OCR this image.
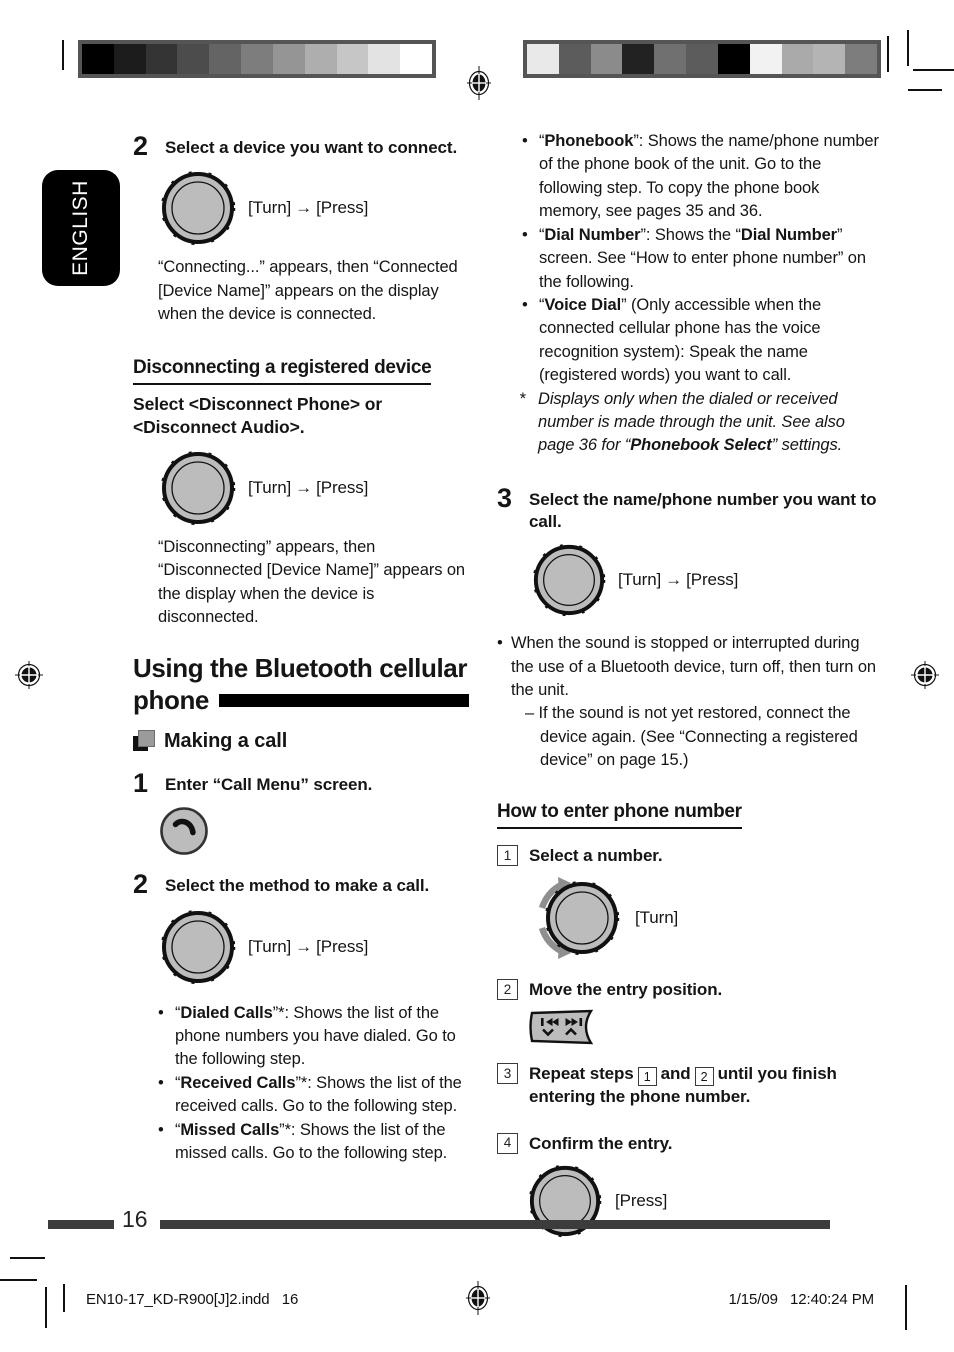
ENGLISH
2	Select a device you want to connect.
[Turn] → [Press]
“Connecting...” appears, then “Connected [Device Name]” appears on the display when the device is connected.
Disconnecting a registered device
Select <Disconnect Phone> or
<Disconnect Audio>.
[Turn] → [Press]
“Disconnecting” appears, then “Disconnected [Device Name]” appears on the display when the device is disconnected.
Using the Bluetooth cellular
phone
Making a call
1	Enter “Call Menu” screen.
2	Select the method to make a call.
[Turn] → [Press]
• “Dialed Calls”*: Shows the list of the phone numbers you have dialed. Go to the following step.
• “Received Calls”*: Shows the list of the received calls. Go to the following step.
• “Missed Calls”*: Shows the list of the missed calls. Go to the following step.
• “Phonebook”: Shows the name/phone number of the phone book of the unit. Go to the following step. To copy the phone book memory, see pages 35 and 36.
• “Dial Number”: Shows the “Dial Number” screen. See “How to enter phone number” on the following.
• “Voice Dial” (Only accessible when the connected cellular phone has the voice recognition system): Speak the name (registered words) you want to call.
* Displays only when the dialed or received number is made through the unit. See also page 36 for “Phonebook Select” settings.
3	Select the name/phone number you want to call.
[Turn] → [Press]
• When the sound is stopped or interrupted during the use of a Bluetooth device, turn off, then turn on the unit.
– If the sound is not yet restored, connect the device again. (See “Connecting a registered device” on page 15.)
How to enter phone number
1	Select a number.
[Turn]
2	Move the entry position.
3	Repeat steps 1 and 2 until you finish entering the phone number.
4	Confirm the entry.
[Press]
16
EN10-17_KD-R900[J]2.indd   16	1/15/09   12:40:24 PM
